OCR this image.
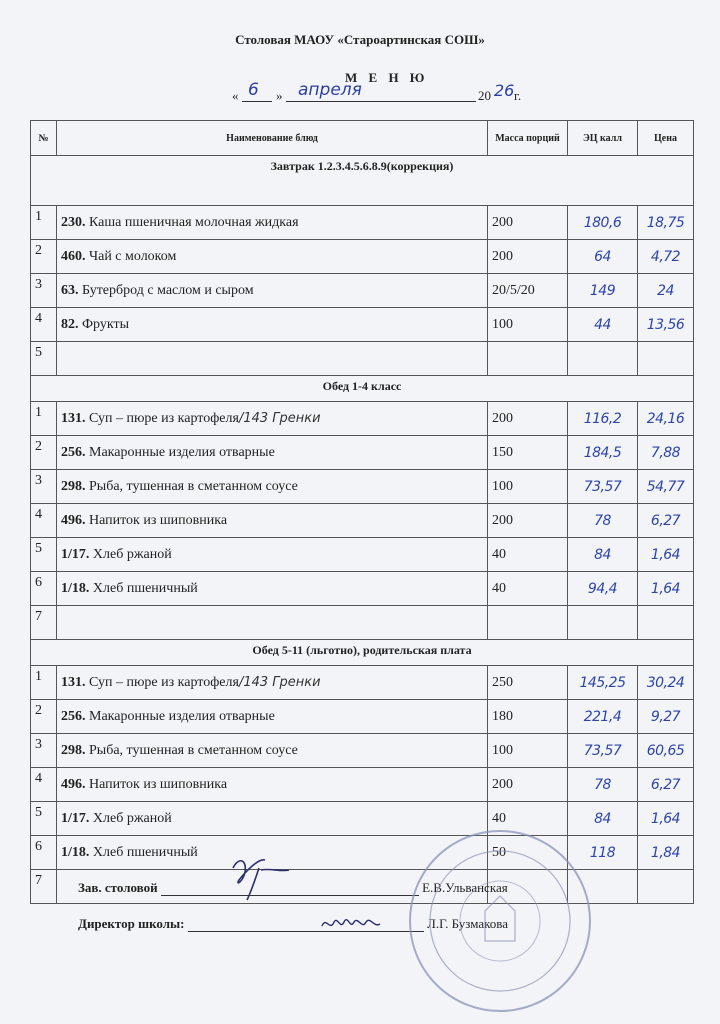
Столовая МАОУ «Староартинская СОШ»
М Е Н Ю
« 6 » апреля	20 26 г.
№	Наименование блюд	Масса порций	ЭЦ калл	Цена
Завтрак 1.2.3.4.5.6.8.9(коррекция)				
1	230. Каша пшеничная молочная жидкая	200	180,6	18,75
2	460. Чай с молоком	200	64	4,72
3	63. Бутерброд с маслом и сыром	20/5/20	149	24
4	82. Фрукты	100	44	13,56
5				
Обед 1-4 класс				
1	131. Суп – пюре из картофеля/143 Гренки	200	116,2	24,16
2	256. Макаронные изделия отварные	150	184,5	7,88
3	298. Рыба, тушенная в сметанном соусе	100	73,57	54,77
4	496. Напиток из шиповника	200	78	6,27
5	1/17. Хлеб ржаной	40	84	1,64
6	1/18. Хлеб пшеничный	40	94,4	1,64
7				
Обед 5-11 (льготно), родительская плата				
1	131. Суп – пюре из картофеля/143 Гренки	250	145,25	30,24
2	256. Макаронные изделия отварные	180	221,4	9,27
3	298. Рыба, тушенная в сметанном соусе	100	73,57	60,65
4	496. Напиток из шиповника	200	78	6,27
5	1/17. Хлеб ржаной	40	84	1,64
6	1/18. Хлеб пшеничный	50	118	1,84
7					Зав. столовой	Е.В.Ульванская
Директор школы:	Л.Г. Бузмакова
